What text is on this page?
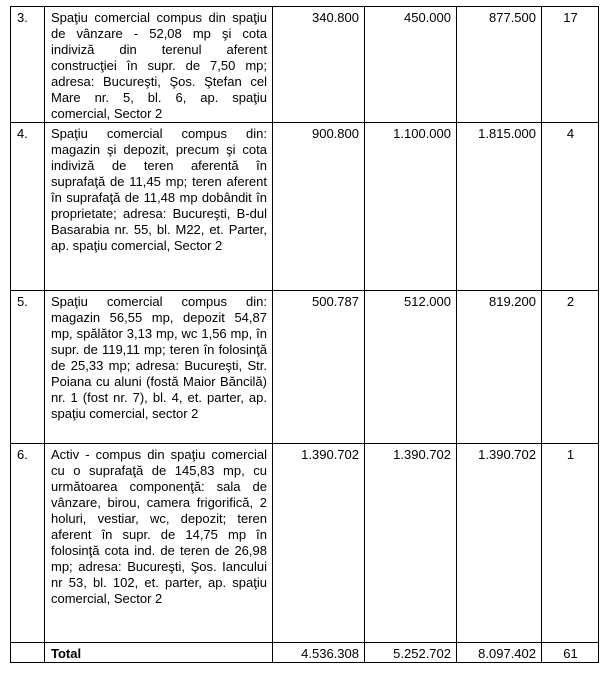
3.	Spaţiu comercial compus din spaţiu de vânzare - 52,08 mp şi cota indiviză din terenul aferent construcţiei în supr. de 7,50 mp; adresa: Bucureşti, Şos. Ştefan cel Mare nr. 5, bl. 6, ap. spaţiu comercial, Sector 2	340.800	450.000	877.500	17
4.	Spaţiu comercial compus din: magazin şi depozit, precum şi cota indiviză de teren aferentă în suprafaţă de 11,45 mp; teren aferent în suprafaţă de 11,48 mp dobândit în proprietate; adresa: Bucureşti, B-dul Basarabia nr. 55, bl. M22, et. Parter, ap. spaţiu comercial, Sector 2	900.800	1.100.000	1.815.000	4
5.	Spaţiu comercial compus din: magazin 56,55 mp, depozit 54,87 mp, spălător 3,13 mp, wc 1,56 mp, în supr. de 119,11 mp; teren în folosinţă de 25,33 mp; adresa: Bucureşti, Str. Poiana cu aluni (fostă Maior Băncilă) nr. 1 (fost nr. 7), bl. 4, et. parter, ap. spaţiu comercial, sector 2	500.787	512.000	819.200	2
6.	Activ - compus din spaţiu comercial cu o suprafaţă de 145,83 mp, cu următoarea componenţă: sala de vânzare, birou, camera frigorifică, 2 holuri, vestiar, wc, depozit; teren aferent în supr. de 14,75 mp în folosinţă cota ind. de teren de 26,98 mp; adresa: Bucureşti, Şos. Iancului nr 53, bl. 102, et. parter, ap. spaţiu comercial, Sector 2	1.390.702	1.390.702	1.390.702	1
	Total	4.536.308	5.252.702	8.097.402	61
